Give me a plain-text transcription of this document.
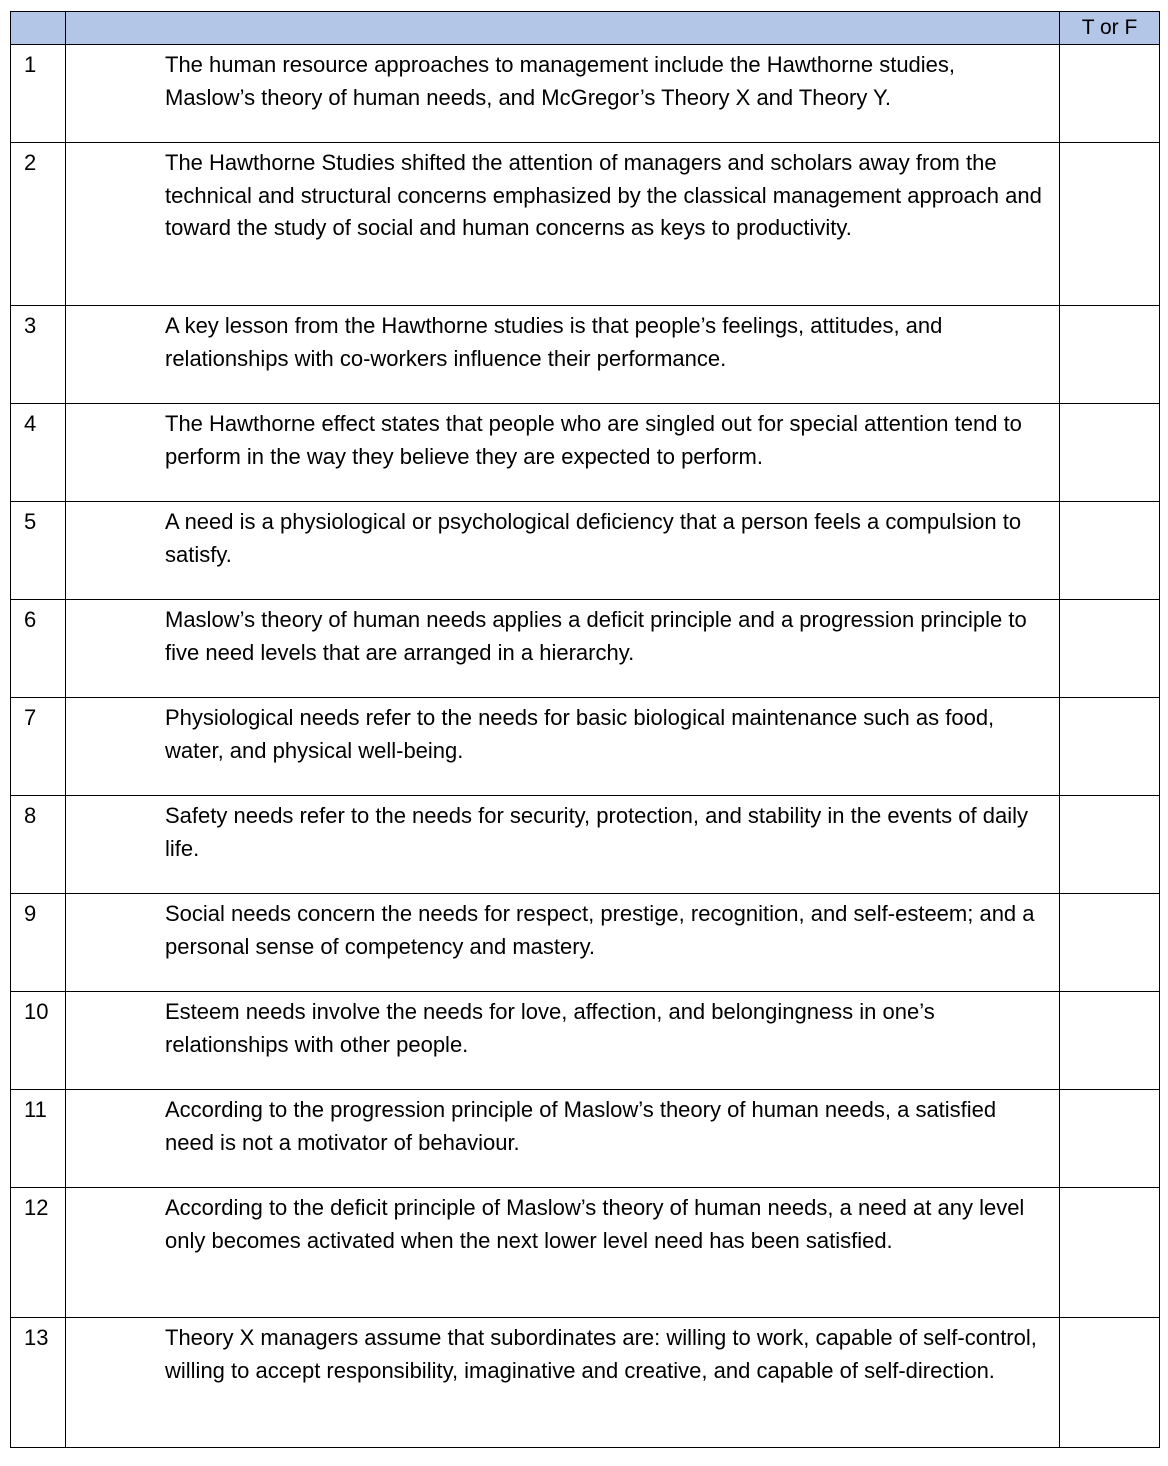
		T or F
1	The human resource approaches to management include the Hawthorne studies, Maslow’s theory of human needs, and McGregor’s Theory X and Theory Y.	
2	The Hawthorne Studies shifted the attention of managers and scholars away from the technical and structural concerns emphasized by the classical management approach and toward the study of social and human concerns as keys to productivity.	
3	A key lesson from the Hawthorne studies is that people’s feelings, attitudes, and relationships with co-workers influence their performance.	
4	The Hawthorne effect states that people who are singled out for special attention tend to perform in the way they believe they are expected to perform.	
5	A need is a physiological or psychological deficiency that a person feels a compulsion to satisfy.	
6	Maslow’s theory of human needs applies a deficit principle and a progression principle to five need levels that are arranged in a hierarchy.	
7	Physiological needs refer to the needs for basic biological maintenance such as food, water, and physical well-being.	
8	Safety needs refer to the needs for security, protection, and stability in the events of daily life.	
9	Social needs concern the needs for respect, prestige, recognition, and self-esteem; and a personal sense of competency and mastery.	
10	Esteem needs involve the needs for love, affection, and belongingness in one’s relationships with other people.	
11	According to the progression principle of Maslow’s theory of human needs, a satisfied need is not a motivator of behaviour.	
12	According to the deficit principle of Maslow’s theory of human needs, a need at any level only becomes activated when the next lower level need has been satisfied.	
13	Theory X managers assume that subordinates are: willing to work, capable of self-control, willing to accept responsibility, imaginative and creative, and capable of self-direction.	
